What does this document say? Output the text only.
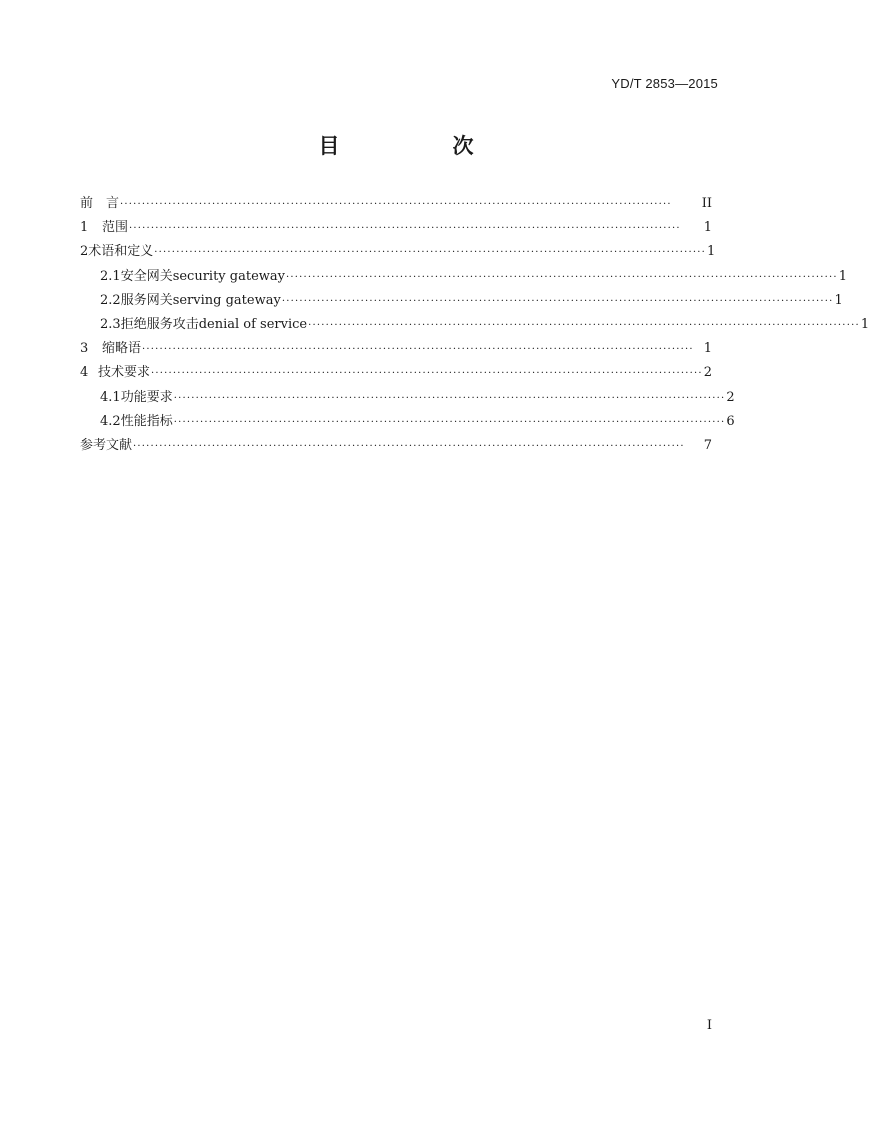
YD/T 2853—2015
目　次
前　言 ······························································································································	II
1	范围 ······························································································································	1
2 术语和定义 ······························································································································ 1
2.1 安全网关security gateway ······························································································································ 1
2.2 服务网关serving gateway ······························································································································ 1
2.3 拒绝服务攻击denial of service ······························································································································ 1
3	缩略语 ······························································································································ 1
4 技术要求 ······························································································································ 2
4.1 功能要求 ······························································································································ 2
4.2 性能指标 ······························································································································ 6
参考文献 ······························································································································	7
I
